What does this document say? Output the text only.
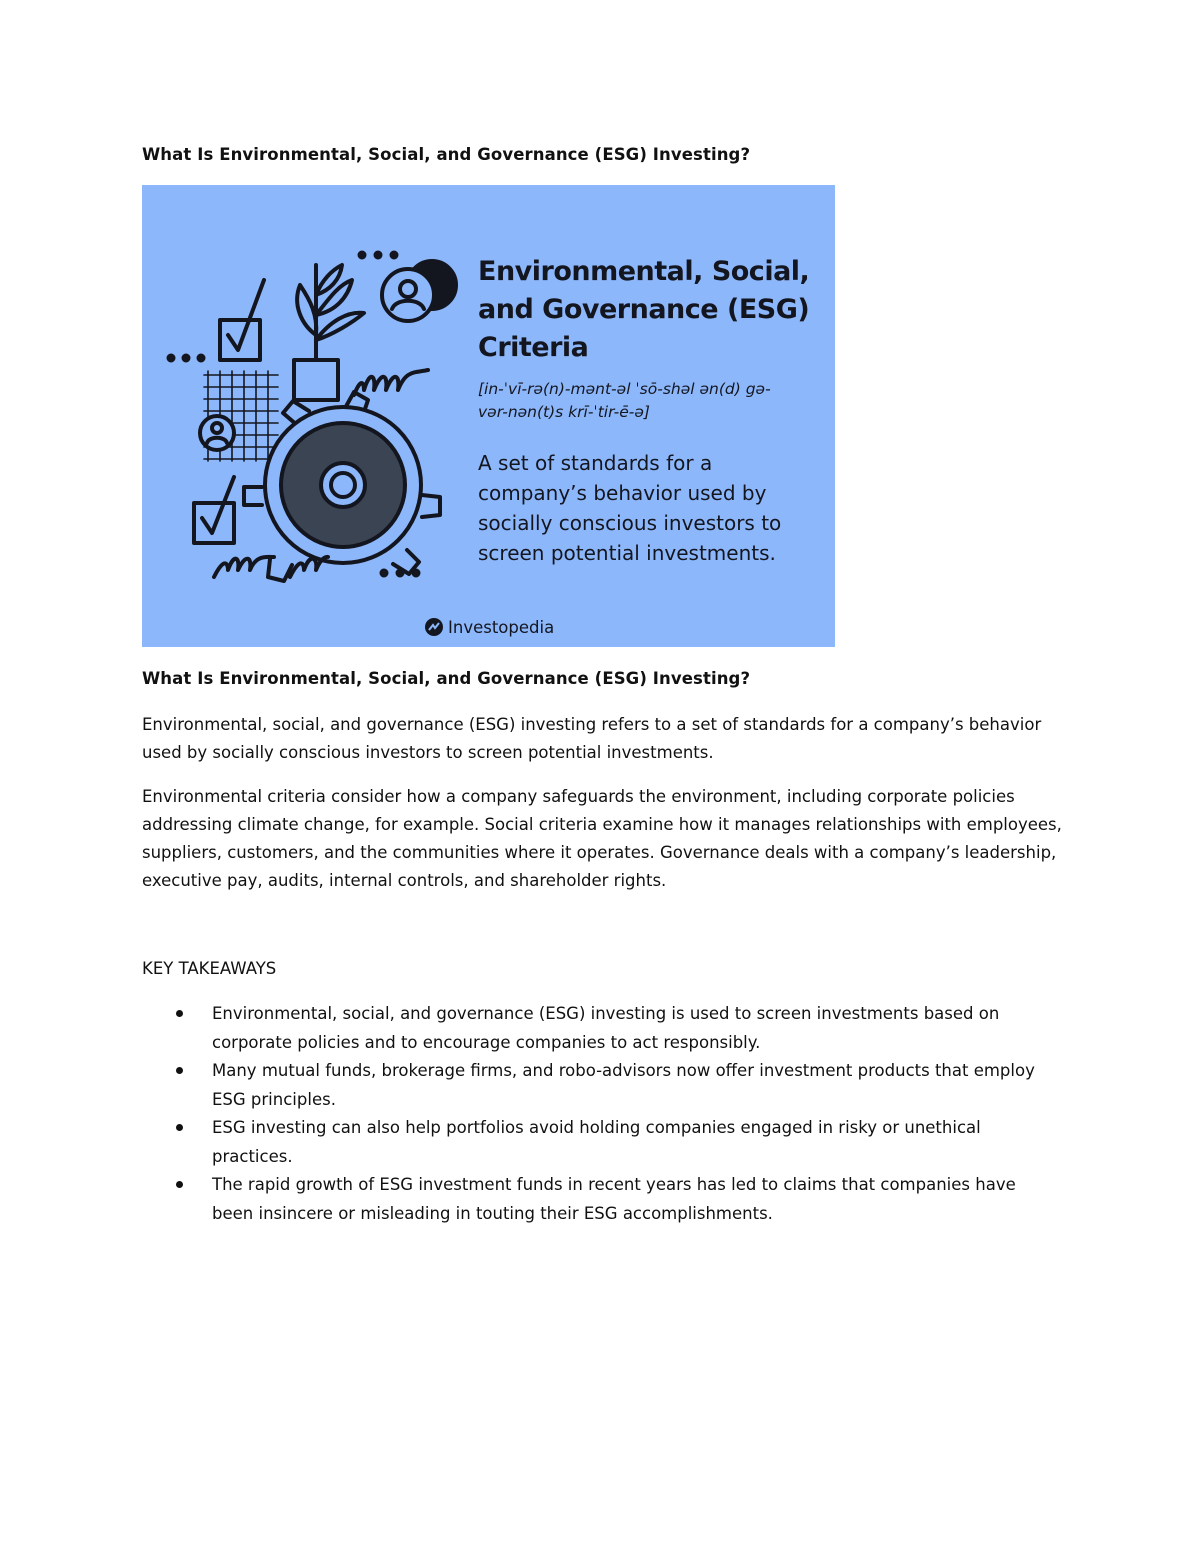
What Is Environmental, Social, and Governance (ESG) Investing?
Environmental, Social, and Governance (ESG) Criteria
[in-ˈvī-rə(n)-mənt-əl ˈsō-shəl ən(d) gə-vər-nən(t)s krī-ˈtir-ē-ə]
A set of standards for a company’s behavior used by socially conscious investors to screen potential investments.
Investopedia
What Is Environmental, Social, and Governance (ESG) Investing?

Environmental, social, and governance (ESG) investing refers to a set of standards for a company’s behavior used by socially conscious investors to screen potential investments.

Environmental criteria consider how a company safeguards the environment, including corporate policies addressing climate change, for example. Social criteria examine how it manages relationships with employees, suppliers, customers, and the communities where it operates. Governance deals with a company’s leadership, executive pay, audits, internal controls, and shareholder rights.

KEY TAKEAWAYS
Environmental, social, and governance (ESG) investing is used to screen investments based on corporate policies and to encourage companies to act responsibly.
Many mutual funds, brokerage firms, and robo-advisors now offer investment products that employ ESG principles.
ESG investing can also help portfolios avoid holding companies engaged in risky or unethical practices.
The rapid growth of ESG investment funds in recent years has led to claims that companies have been insincere or misleading in touting their ESG accomplishments.
